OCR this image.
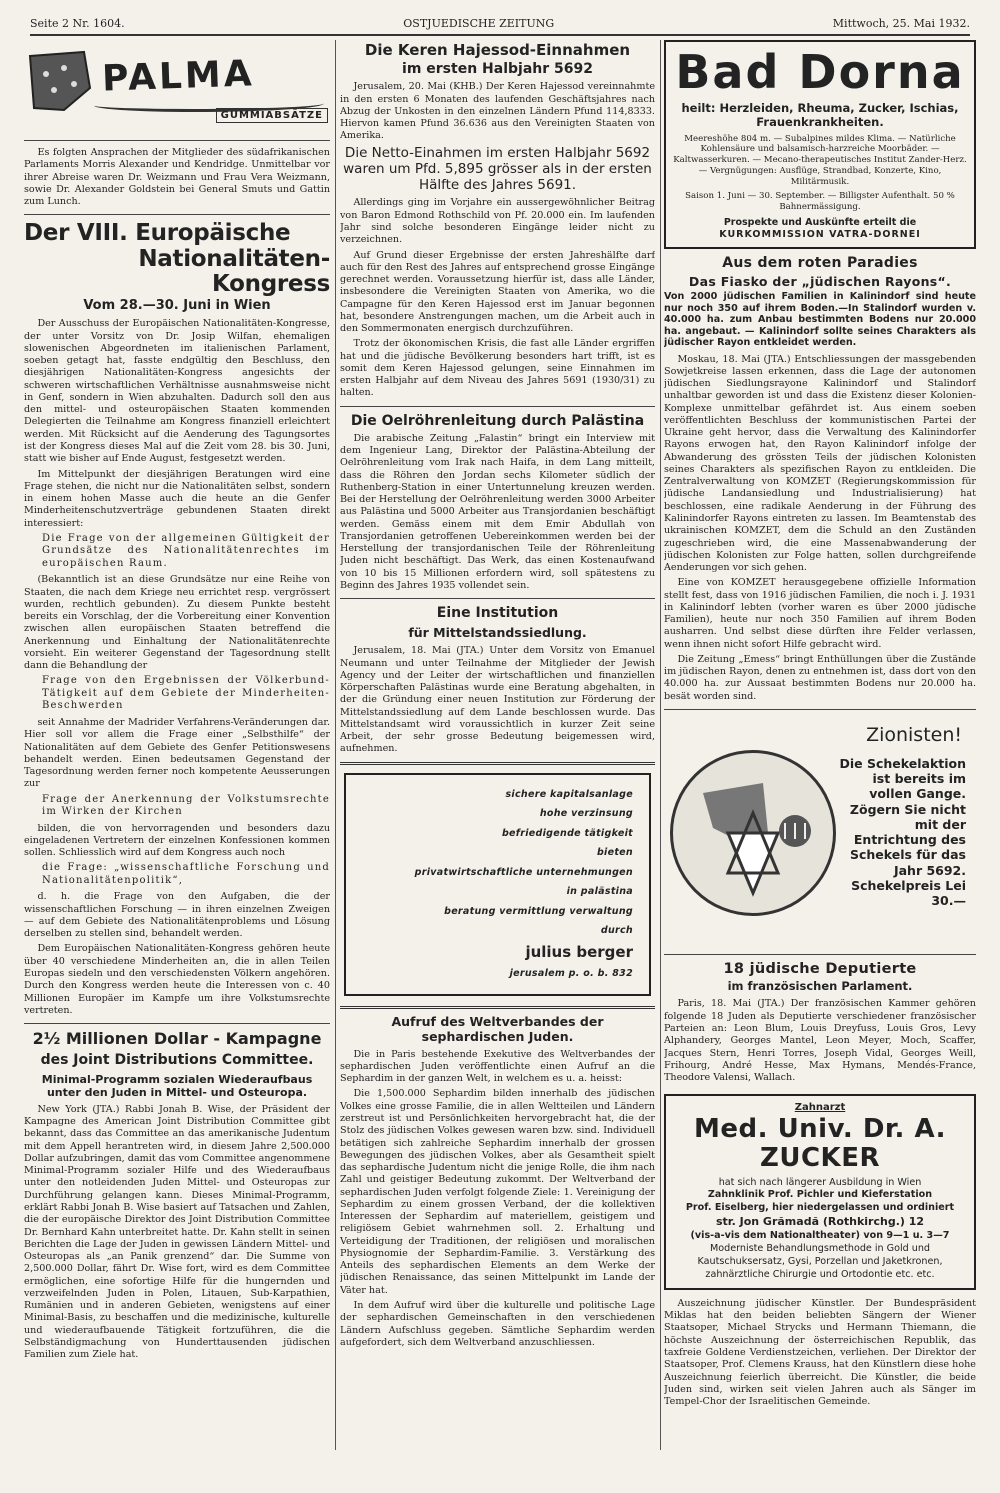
Seite 2 Nr. 1604.	OSTJUEDISCHE ZEITUNG	Mittwoch, 25. Mai 1932.
PALMA
GUMMIABSÄTZE

Es folgten Ansprachen der Mitglieder des südafrikanischen Parlaments Morris Alexander und Kendridge. Unmittelbar vor ihrer Abreise waren Dr. Weizmann und Frau Vera Weizmann, sowie Dr. Alexander Goldstein bei General Smuts und Gattin zum Lunch.

Der VIII. Europäische
Nationalitäten-Kongress
Vom 28.—30. Juni in Wien

Der Ausschuss der Europäischen Nationalitäten-Kongresse, der unter Vorsitz von Dr. Josip Wilfan, ehemaligen slowenischen Abgeordneten im italienischen Parlament, soeben getagt hat, fasste endgültig den Beschluss, den diesjährigen Nationalitäten-Kongress angesichts der schweren wirtschaftlichen Verhältnisse ausnahmsweise nicht in Genf, sondern in Wien abzuhalten. Dadurch soll den aus den mittel- und osteuropäischen Staaten kommenden Delegierten die Teilnahme am Kongress finanziell erleichtert werden. Mit Rücksicht auf die Aenderung des Tagungsortes ist der Kongress dieses Mal auf die Zeit vom 28. bis 30. Juni, statt wie bisher auf Ende August, festgesetzt werden.

Im Mittelpunkt der diesjährigen Beratungen wird eine Frage stehen, die nicht nur die Nationalitäten selbst, sondern in einem hohen Masse auch die heute an die Genfer Minderheitenschutzverträge gebundenen Staaten direkt interessiert:

Die Frage von der allgemeinen Gültigkeit der Grundsätze des Nationalitätenrechtes im europäischen Raum.

(Bekanntlich ist an diese Grundsätze nur eine Reihe von Staaten, die nach dem Kriege neu errichtet resp. vergrössert wurden, rechtlich gebunden). Zu diesem Punkte besteht bereits ein Vorschlag, der die Vorbereitung einer Konvention zwischen allen europäischen Staaten betreffend die Anerkennung und Einhaltung der Nationalitätenrechte vorsieht. Ein weiterer Gegenstand der Tagesordnung stellt dann die Behandlung der

Frage von den Ergebnissen der Völkerbund-Tätigkeit auf dem Gebiete der Minderheiten-Beschwerden

seit Annahme der Madrider Verfahrens-Veränderungen dar. Hier soll vor allem die Frage einer „Selbsthilfe“ der Nationalitäten auf dem Gebiete des Genfer Petitionswesens behandelt werden. Einen bedeutsamen Gegenstand der Tagesordnung werden ferner noch kompetente Aeusserungen zur

Frage der Anerkennung der Volkstumsrechte im Wirken der Kirchen

bilden, die von hervorragenden und besonders dazu eingeladenen Vertretern der einzelnen Konfessionen kommen sollen. Schliesslich wird auf dem Kongress auch noch

die Frage: „wissenschaftliche Forschung und Nationalitätenpolitik“,

d. h. die Frage von den Aufgaben, die der wissenschaftlichen Forschung — in ihren einzelnen Zweigen — auf dem Gebiete des Nationalitätenproblems und Lösung derselben zu stellen sind, behandelt werden.

Dem Europäischen Nationalitäten-Kongress gehören heute über 40 verschiedene Minderheiten an, die in allen Teilen Europas siedeln und den verschiedensten Völkern angehören. Durch den Kongress werden heute die Interessen von c. 40 Millionen Europäer im Kampfe um ihre Volkstumsrechte vertreten.

2½ Millionen Dollar - Kampagne
des Joint Distributions Committee.
Minimal-Programm sozialen Wiederaufbaus unter den Juden in Mittel- und Osteuropa.

New York (JTA.) Rabbi Jonah B. Wise, der Präsident der Kampagne des American Joint Distribution Committee gibt bekannt, dass das Committee an das amerikanische Judentum mit dem Appell herantreten wird, in diesem Jahre 2,500.000 Dollar aufzubringen, damit das vom Committee angenommene Minimal-Programm sozialer Hilfe und des Wiederaufbaus unter den notleidenden Juden Mittel- und Osteuropas zur Durchführung gelangen kann. Dieses Minimal-Programm, erklärt Rabbi Jonah B. Wise basiert auf Tatsachen und Zahlen, die der europäische Direktor des Joint Distribution Committee Dr. Bernhard Kahn unterbreitet hatte. Dr. Kahn stellt in seinen Berichten die Lage der Juden in gewissen Ländern Mittel- und Osteuropas als „an Panik grenzend“ dar. Die Summe von 2,500.000 Dollar, fährt Dr. Wise fort, wird es dem Committee ermöglichen, eine sofortige Hilfe für die hungernden und verzweifelnden Juden in Polen, Litauen, Sub-Karpathien, Rumänien und in anderen Gebieten, wenigstens auf einer Minimal-Basis, zu beschaffen und die medizinische, kulturelle und wiederaufbauende Tätigkeit fortzuführen, die die Selbständigmachung von Hunderttausenden jüdischen Familien zum Ziele hat.

Die Keren Hajessod-Einnahmen
im ersten Halbjahr 5692

Jerusalem, 20. Mai (KHB.) Der Keren Hajessod vereinnahmte in den ersten 6 Monaten des laufenden Geschäftsjahres nach Abzug der Unkosten in den einzelnen Ländern Pfund 114,8333. Hiervon kamen Pfund 36.636 aus den Vereinigten Staaten von Amerika.

Die Netto-Einahmen im ersten Halbjahr 5692 waren um Pfd. 5,895 grösser als in der ersten Hälfte des Jahres 5691.

Allerdings ging im Vorjahre ein aussergewöhnlicher Beitrag von Baron Edmond Rothschild von Pf. 20.000 ein. Im laufenden Jahr sind solche besonderen Eingänge leider nicht zu verzeichnen.

Auf Grund dieser Ergebnisse der ersten Jahreshälfte darf auch für den Rest des Jahres auf entsprechend grosse Eingänge gerechnet werden. Voraussetzung hierfür ist, dass alle Länder, insbesondere die Vereinigten Staaten von Amerika, wo die Campagne für den Keren Hajessod erst im Januar begonnen hat, besondere Anstrengungen machen, um die Arbeit auch in den Sommermonaten energisch durchzuführen.

Trotz der ökonomischen Krisis, die fast alle Länder ergriffen hat und die jüdische Bevölkerung besonders hart trifft, ist es somit dem Keren Hajessod gelungen, seine Einnahmen im ersten Halbjahr auf dem Niveau des Jahres 5691 (1930/31) zu halten.

Die Oelröhrenleitung durch Palästina

Die arabische Zeitung „Falastin“ bringt ein Interview mit dem Ingenieur Lang, Direktor der Palästina-Abteilung der Oelröhrenleitung vom Irak nach Haifa, in dem Lang mitteilt, dass die Röhren den Jordan sechs Kilometer südlich der Ruthenberg-Station in einer Untertunnelung kreuzen werden. Bei der Herstellung der Oelröhrenleitung werden 3000 Arbeiter aus Palästina und 5000 Arbeiter aus Transjordanien beschäftigt werden. Gemäss einem mit dem Emir Abdullah von Transjordanien getroffenen Uebereinkommen werden bei der Herstellung der transjordanischen Teile der Röhrenleitung Juden nicht beschäftigt. Das Werk, das einen Kostenaufwand von 10 bis 15 Millionen erfordern wird, soll spätestens zu Beginn des Jahres 1935 vollendet sein.

Eine Institution
für Mittelstandssiedlung.

Jerusalem, 18. Mai (JTA.) Unter dem Vorsitz von Emanuel Neumann und unter Teilnahme der Mitglieder der Jewish Agency und der Leiter der wirtschaftlichen und finanziellen Körperschaften Palästinas wurde eine Beratung abgehalten, in der die Gründung einer neuen Institution zur Förderung der Mittelstandssiedlung auf dem Lande beschlossen wurde. Das Mittelstandsamt wird voraussichtlich in kurzer Zeit seine Arbeit, der sehr grosse Bedeutung beigemessen wird, aufnehmen.

sichere kapitalsanlage
hohe verzinsung
befriedigende tätigkeit
bieten
privatwirtschaftliche unternehmungen
in palästina
beratung vermittlung verwaltung
durch
julius berger
jerusalem p. o. b. 832
Aufruf des Weltverbandes der
sephardischen Juden.

Die in Paris bestehende Exekutive des Weltverbandes der sephardischen Juden veröffentlichte einen Aufruf an die Sephardim in der ganzen Welt, in welchem es u. a. heisst:

Die 1,500.000 Sephardim bilden innerhalb des jüdischen Volkes eine grosse Familie, die in allen Weltteilen und Ländern zerstreut ist und Persönlichkeiten hervorgebracht hat, die der Stolz des jüdischen Volkes gewesen waren bzw. sind. Individuell betätigen sich zahlreiche Sephardim innerhalb der grossen Bewegungen des jüdischen Volkes, aber als Gesamtheit spielt das sephardische Judentum nicht die jenige Rolle, die ihm nach Zahl und geistiger Bedeutung zukommt. Der Weltverband der sephardischen Juden verfolgt folgende Ziele: 1. Vereinigung der Sephardim zu einem grossen Verband, der die kollektiven Interessen der Sephardim auf materiellem, geistigem und religiösem Gebiet wahrnehmen soll. 2. Erhaltung und Verteidigung der Traditionen, der religiösen und moralischen Physiognomie der Sephardim-Familie. 3. Verstärkung des Anteils des sephardischen Elements an dem Werke der jüdischen Renaissance, das seinen Mittelpunkt im Lande der Väter hat.

In dem Aufruf wird über die kulturelle und politische Lage der sephardischen Gemeinschaften in den verschiedenen Ländern Aufschluss gegeben. Sämtliche Sephardim werden aufgefordert, sich dem Weltverband anzuschliessen.

Bad Dorna
heilt: Herzleiden, Rheuma, Zucker, Ischias, Frauenkrankheiten.
Meereshöhe 804 m. — Subalpines mildes Klima. — Natürliche Kohlensäure und balsamisch-harzreiche Moorbäder. — Kaltwasserkuren. — Mecano-therapeutisches Institut Zander-Herz. — Vergnügungen: Ausflüge, Strandbad, Konzerte, Kino, Militärmusik.
Saison 1. Juni — 30. September. — Billigster Aufenthalt. 50 % Bahnermässigung.
Prospekte und Auskünfte erteilt die
KURKOMMISSION VATRA-DORNEI
Aus dem roten Paradies
Das Fiasko der „jüdischen Rayons“.
Von 2000 jüdischen Familien in Kalinindorf sind heute nur noch 350 auf ihrem Boden.—In Stalindorf wurden v. 40.000 ha. zum Anbau bestimmten Bodens nur 20.000 ha. angebaut. — Kalinindorf sollte seines Charakters als jüdischer Rayon entkleidet werden.

Moskau, 18. Mai (JTA.) Entschliessungen der massgebenden Sowjetkreise lassen erkennen, dass die Lage der autonomen jüdischen Siedlungsrayone Kalinindorf und Stalindorf unhaltbar geworden ist und dass die Existenz dieser Kolonien-Komplexe unmittelbar gefährdet ist. Aus einem soeben veröffentlichten Beschluss der kommunistischen Partei der Ukraine geht hervor, dass die Verwaltung des Kalinindorfer Rayons erwogen hat, den Rayon Kalinindorf infolge der Abwanderung des grössten Teils der jüdischen Kolonisten seines Charakters als spezifischen Rayon zu entkleiden. Die Zentralverwaltung von KOMZET (Regierungskommission für jüdische Landansiedlung und Industrialisierung) hat beschlossen, eine radikale Aenderung in der Führung des Kalinindorfer Rayons eintreten zu lassen. Im Beamtenstab des ukrainischen KOMZET, dem die Schuld an den Zuständen zugeschrieben wird, die eine Massenabwanderung der jüdischen Kolonisten zur Folge hatten, sollen durchgreifende Aenderungen vor sich gehen.

Eine von KOMZET herausgegebene offizielle Information stellt fest, dass von 1916 jüdischen Familien, die noch i. J. 1931 in Kalinindorf lebten (vorher waren es über 2000 jüdische Familien), heute nur noch 350 Familien auf ihrem Boden ausharren. Und selbst diese dürften ihre Felder verlassen, wenn ihnen nicht sofort Hilfe gebracht wird.

Die Zeitung „Emess“ bringt Enthüllungen über die Zustände im jüdischen Rayon, denen zu entnehmen ist, dass dort von den 40.000 ha. zur Aussaat bestimmten Bodens nur 20.000 ha. besät worden sind.

Zionisten!
Die Schekelaktion ist bereits im vollen Gange. Zögern Sie nicht mit der Entrichtung des Schekels für das Jahr 5692. Schekelpreis Lei 30.—
18 jüdische Deputierte
im französischen Parlament.

Paris, 18. Mai (JTA.) Der französischen Kammer gehören folgende 18 Juden als Deputierte verschiedener französischer Parteien an: Leon Blum, Louis Dreyfuss, Louis Gros, Levy Alphandery, Georges Mantel, Leon Meyer, Moch, Scaffer, Jacques Stern, Henri Torres, Joseph Vidal, Georges Weill, Frihourg, André Hesse, Max Hymans, Mendés-France, Theodore Valensi, Wallach.

Zahnarzt
Med. Univ. Dr. A. ZUCKER
hat sich nach längerer Ausbildung in Wien
Zahnklinik Prof. Pichler und Kieferstation
Prof. Eiselberg, hier niedergelassen und ordiniert
str. Jon Grămadă (Rothkirchg.) 12
(vis-a-vis dem Nationaltheater) von 9—1 u. 3—7
Moderniste Behandlungsmethode in Gold und Kautschuksersatz, Gysi, Porzellan und Jaketkronen, zahnärztliche Chirurgie und Ortodontie etc. etc.

Auszeichnung jüdischer Künstler. Der Bundespräsident Miklas hat den beiden beliebten Sängern der Wiener Staatsoper, Michael Strycks und Hermann Thiemann, die höchste Auszeichnung der österreichischen Republik, das taxfreie Goldene Verdienstzeichen, verliehen. Der Direktor der Staatsoper, Prof. Clemens Krauss, hat den Künstlern diese hohe Auszeichnung feierlich überreicht. Die Künstler, die beide Juden sind, wirken seit vielen Jahren auch als Sänger im Tempel-Chor der Israelitischen Gemeinde.
